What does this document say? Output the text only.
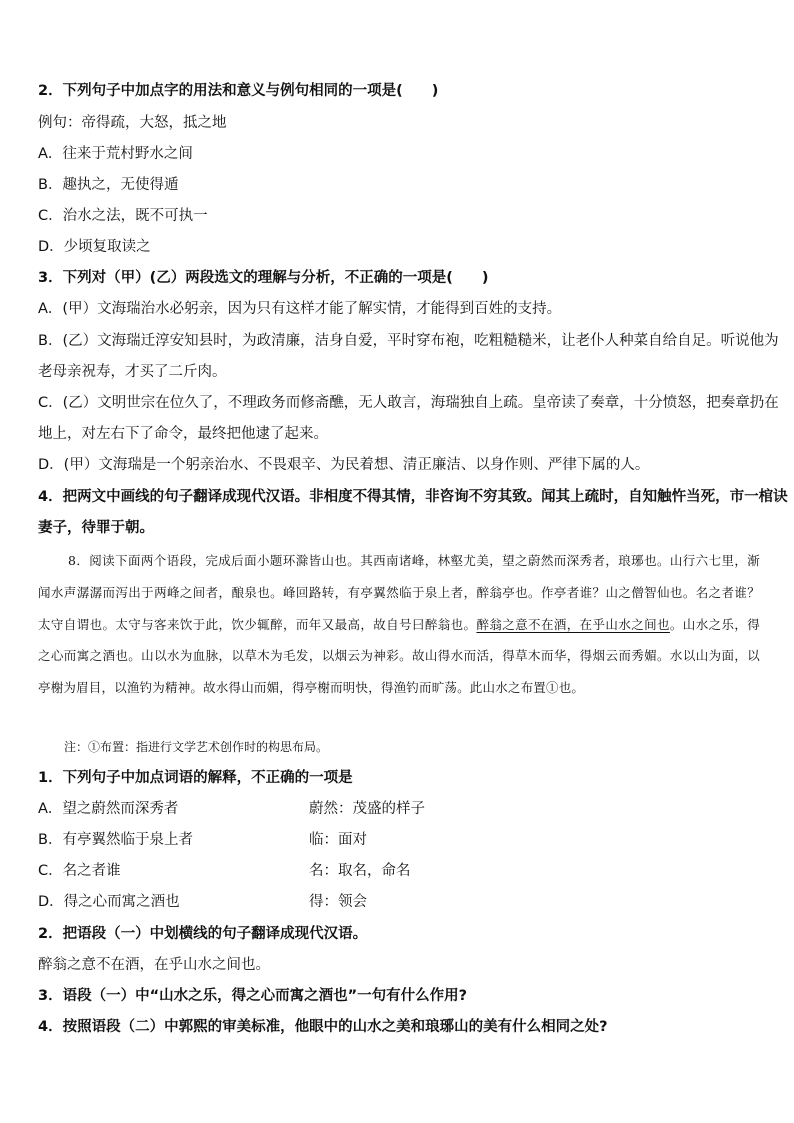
2．下列句子中加点字的用法和意义与例句相同的一项是(　　)
例句：帝得疏，大怒，抵之地
A．往来于荒村野水之间
B．趣执之，无使得遁
C．治水之法，既不可执一
D．少顷复取读之
3．下列对（甲）(乙）两段选文的理解与分析，不正确的一项是(　　)
A．(甲）文海瑞治水必躬亲，因为只有这样才能了解实情，才能得到百姓的支持。
B．(乙）文海瑞迁淳安知县时，为政清廉，洁身自爱，平时穿布袍，吃粗糙糙米，让老仆人种菜自给自足。听说他为
老母亲祝寿，才买了二斤肉。
C．(乙）文明世宗在位久了，不理政务而修斋醮，无人敢言，海瑞独自上疏。皇帝读了奏章，十分愤怒，把奏章扔在
地上，对左右下了命令，最终把他逮了起来。
D．(甲）文海瑞是一个躬亲治水、不畏艰辛、为民着想、清正廉洁、以身作则、严律下属的人。
4．把两文中画线的句子翻译成现代汉语。非相度不得其情，非咨询不穷其致。闻其上疏时，自知触忤当死，市一棺诀
妻子，待罪于朝。
8．阅读下面两个语段，完成后面小题环滁皆山也。其西南诸峰，林壑尤美，望之蔚然而深秀者，琅琊也。山行六七里，渐闻水声潺潺而泻出于两峰之间者，酿泉也。峰回路转，有亭翼然临于泉上者，醉翁亭也。作亭者谁？山之僧智仙也。名之者谁？太守自谓也。太守与客来饮于此，饮少辄醉，而年又最高，故自号曰醉翁也。醉翁之意不在酒，在乎山水之间也。山水之乐，得之心而寓之酒也。山以水为血脉，以草木为毛发，以烟云为神彩。故山得水而活，得草木而华，得烟云而秀媚。水以山为面，以亭榭为眉目，以渔钓为精神。故水得山而媚，得亭榭而明快，得渔钓而旷荡。此山水之布置①也。
注：①布置：指进行文学艺术创作时的构思布局。
1．下列句子中加点词语的解释，不正确的一项是
A．望之蔚然而深秀者	蔚然：茂盛的样子
B．有亭翼然临于泉上者	临：面对
C．名之者谁	名：取名，命名
D．得之心而寓之酒也	得：领会
2．把语段（一）中划横线的句子翻译成现代汉语。
醉翁之意不在酒，在乎山水之间也。
3．语段（一）中“山水之乐，得之心而寓之酒也”一句有什么作用?
4．按照语段（二）中郭熙的审美标准，他眼中的山水之美和琅琊山的美有什么相同之处?
